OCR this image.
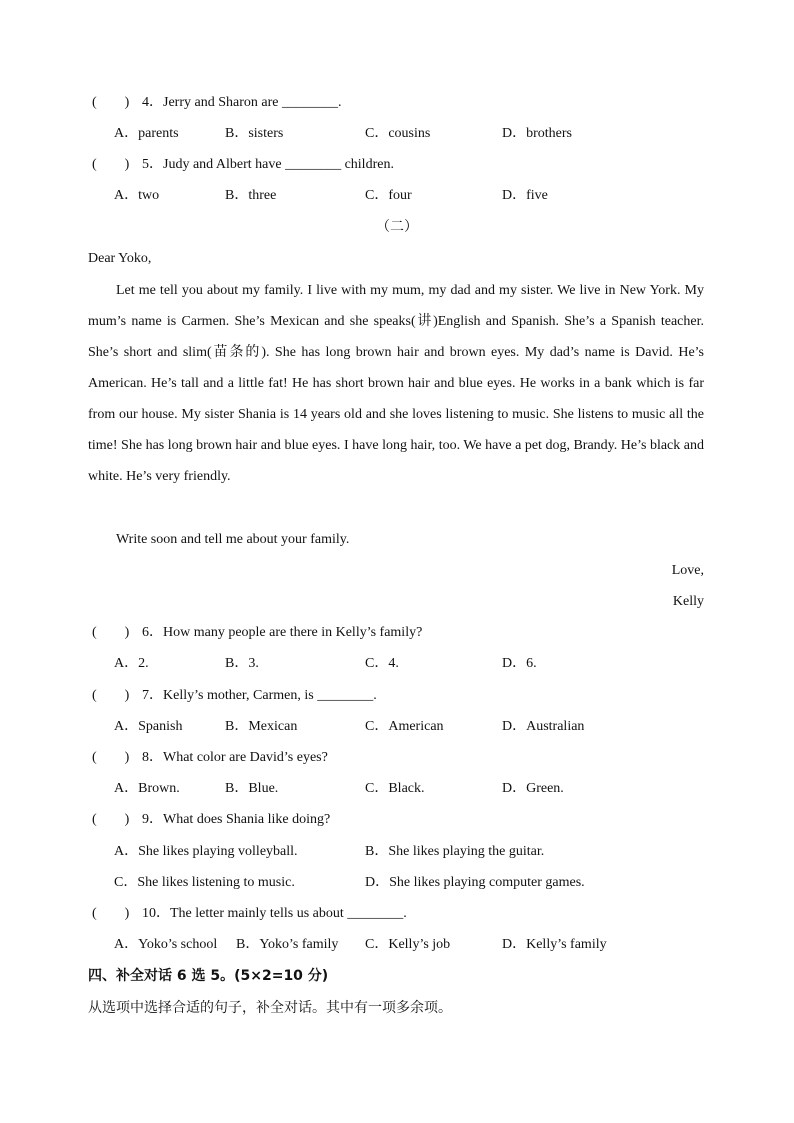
(　　) 4．Jerry and Sharon are ________.
A．parents	B．sisters	C．cousins	D．brothers
(　　) 5．Judy and Albert have ________ children.
A．two	B．three	C．four	D．five
（二）
Dear Yoko,
Let me tell you about my family. I live with my mum, my dad and my sister. We live in New York. My mum’s name is Carmen. She’s Mexican and she speaks(讲)English and Spanish. She’s a Spanish teacher. She’s short and slim(苗条的). She has long brown hair and brown eyes. My dad’s name is David. He’s American. He’s tall and a little fat! He has short brown hair and blue eyes. He works in a bank which is far from our house. My sister Shania is 14 years old and she loves listening to music. She listens to music all the time! She has long brown hair and blue eyes. I have long hair, too. We have a pet dog, Brandy. He’s black and white. He’s very friendly.
Write soon and tell me about your family.
Love,
Kelly
(　　) 6．How many people are there in Kelly’s family?
A．2.	B．3.	C．4.	D．6.
(　　) 7．Kelly’s mother, Carmen, is ________.
A．Spanish	B．Mexican	C．American	D．Australian
(　　) 8．What color are David’s eyes?
A．Brown.	B．Blue.	C．Black.	D．Green.
(　　) 9．What does Shania like doing?
A．She likes playing volleyball.	B．She likes playing the guitar.
C．She likes listening to music.	D．She likes playing computer games.
(　　) 10．The letter mainly tells us about ________.
A．Yoko’s school B．Yoko’s family C．Kelly’s job	D．Kelly’s family
四、补全对话 6 选 5。(5×2=10 分)
从选项中选择合适的句子，补全对话。其中有一项多余项。
